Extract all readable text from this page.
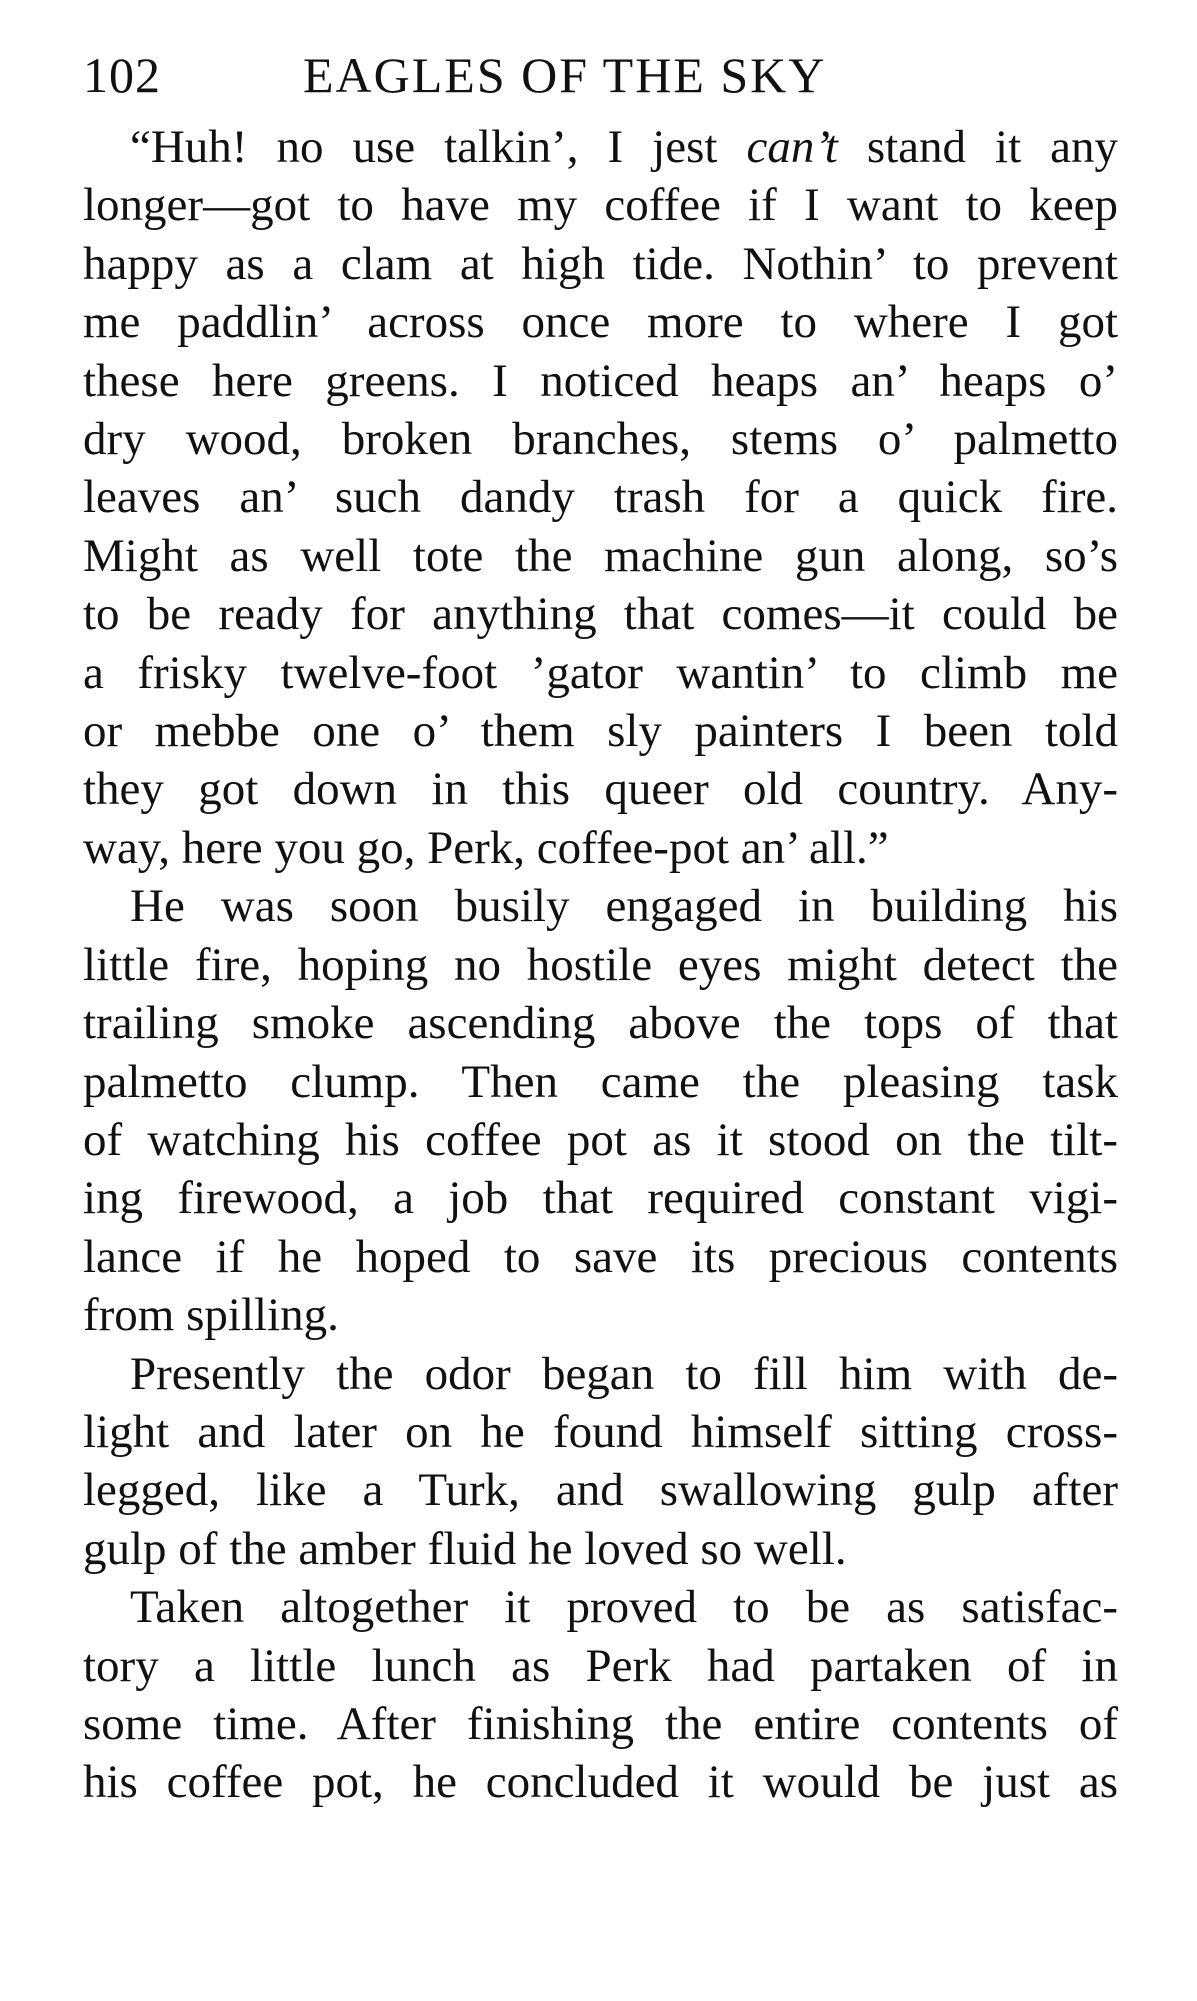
102	EAGLES OF THE SKY
“Huh! no use talkin’, I jest can’t stand it any
longer—got to have my coffee if I want to keep
happy as a clam at high tide. Nothin’ to prevent
me paddlin’ across once more to where I got
these here greens. I noticed heaps an’ heaps o’
dry wood, broken branches, stems o’ palmetto
leaves an’ such dandy trash for a quick fire.
Might as well tote the machine gun along, so’s
to be ready for anything that comes—it could be
a frisky twelve-foot ’gator wantin’ to climb me
or mebbe one o’ them sly painters I been told
they got down in this queer old country. Any-
way, here you go, Perk, coffee-pot an’ all.”
He was soon busily engaged in building his
little fire, hoping no hostile eyes might detect the
trailing smoke ascending above the tops of that
palmetto clump. Then came the pleasing task
of watching his coffee pot as it stood on the tilt-
ing firewood, a job that required constant vigi-
lance if he hoped to save its precious contents
from spilling.
Presently the odor began to fill him with de-
light and later on he found himself sitting cross-
legged, like a Turk, and swallowing gulp after
gulp of the amber fluid he loved so well.
Taken altogether it proved to be as satisfac-
tory a little lunch as Perk had partaken of in
some time. After finishing the entire contents of
his coffee pot, he concluded it would be just as
